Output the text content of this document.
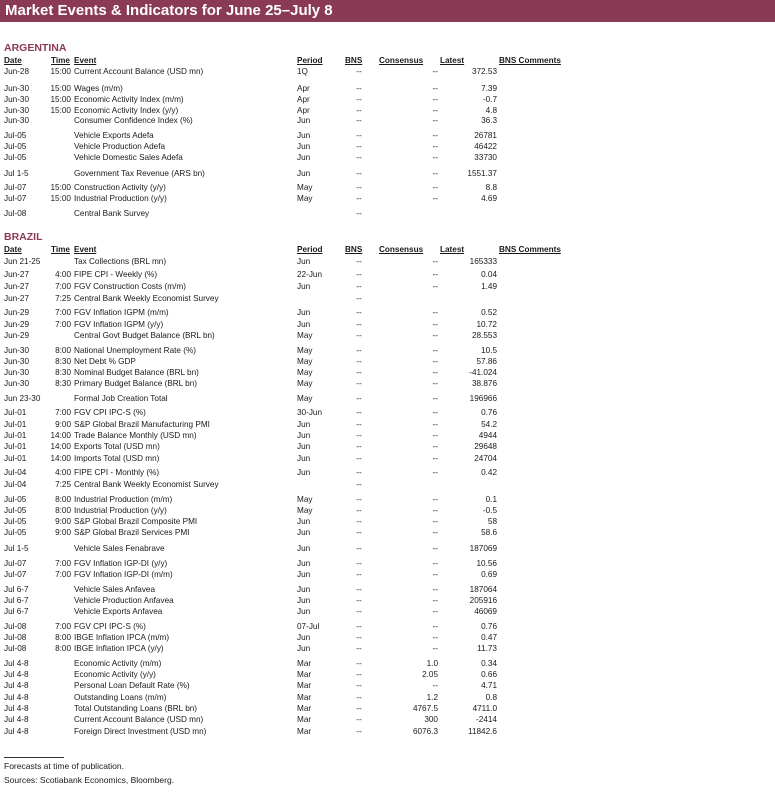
Market Events & Indicators for June 25–July 8
ARGENTINA
Date	Time Event	Period	BNS	Consensus	Latest	BNS Comments
Jun-28	15:00 Current Account Balance (USD mn)	1Q	--	--	372.53
Jun-30	15:00 Wages (m/m)	Apr	--	--	7.39
Jun-30	15:00 Economic Activity Index (m/m)	Apr	--	--	-0.7
Jun-30	15:00 Economic Activity Index (y/y)	Apr	--	--	4.8
Jun-30	Consumer Confidence Index (%)	Jun	--	--	36.3
Jul-05	Vehicle Exports Adefa	Jun	--	--	26781
Jul-05	Vehicle Production Adefa	Jun	--	--	46422
Jul-05	Vehicle Domestic Sales Adefa	Jun	--	--	33730
Jul 1-5	Government Tax Revenue (ARS bn)	Jun	--	--	1551.37
Jul-07	15:00 Construction Activity (y/y)	May	--	--	8.8
Jul-07	15:00 Industrial Production (y/y)	May	--	--	4.69
Jul-08	Central Bank Survey	--
BRAZIL
Date	Time Event	Period	BNS	Consensus	Latest	BNS Comments
Jun 21-25	Tax Collections (BRL mn)	Jun	--	--	165333
Jun-27	4:00 FIPE CPI - Weekly (%)	22-Jun	--	--	0.04
Jun-27	7:00 FGV Construction Costs (m/m)	Jun	--	--	1.49
Jun-27	7:25 Central Bank Weekly Economist Survey	--
Jun-29	7:00 FGV Inflation IGPM (m/m)	Jun	--	--	0.52
Jun-29	7:00 FGV Inflation IGPM (y/y)	Jun	--	--	10.72
Jun-29	Central Govt Budget Balance (BRL bn)	May	--	--	28.553
Jun-30	8:00 National Unemployment Rate (%)	May	--	--	10.5
Jun-30	8:30 Net Debt % GDP	May	--	--	57.86
Jun-30	8:30 Nominal Budget Balance (BRL bn)	May	--	--	-41.024
Jun-30	8:30 Primary Budget Balance (BRL bn)	May	--	--	38.876
Jun 23-30	Formal Job Creation Total	May	--	--	196966
Jul-01	7:00 FGV CPI IPC-S (%)	30-Jun	--	--	0.76
Jul-01	9:00 S&P Global Brazil Manufacturing PMI	Jun	--	--	54.2
Jul-01	14:00 Trade Balance Monthly (USD mn)	Jun	--	--	4944
Jul-01	14:00 Exports Total (USD mn)	Jun	--	--	29648
Jul-01	14:00 Imports Total (USD mn)	Jun	--	--	24704
Jul-04	4:00 FIPE CPI - Monthly (%)	Jun	--	--	0.42
Jul-04	7:25 Central Bank Weekly Economist Survey	--
Jul-05	8:00 Industrial Production (m/m)	May	--	--	0.1
Jul-05	8:00 Industrial Production (y/y)	May	--	--	-0.5
Jul-05	9:00 S&P Global Brazil Composite PMI	Jun	--	--	58
Jul-05	9:00 S&P Global Brazil Services PMI	Jun	--	--	58.6
Jul 1-5	Vehicle Sales Fenabrave	Jun	--	--	187069
Jul-07	7:00 FGV Inflation IGP-DI (y/y)	Jun	--	--	10.56
Jul-07	7:00 FGV Inflation IGP-DI (m/m)	Jun	--	--	0.69
Jul 6-7	Vehicle Sales Anfavea	Jun	--	--	187064
Jul 6-7	Vehicle Production Anfavea	Jun	--	--	205916
Jul 6-7	Vehicle Exports Anfavea	Jun	--	--	46069
Jul-08	7:00 FGV CPI IPC-S (%)	07-Jul	--	--	0.76
Jul-08	8:00 IBGE Inflation IPCA (m/m)	Jun	--	--	0.47
Jul-08	8:00 IBGE Inflation IPCA (y/y)	Jun	--	--	11.73
Jul 4-8	Economic Activity (m/m)	Mar	--	1.0	0.34
Jul 4-8	Economic Activity (y/y)	Mar	--	2.05	0.66
Jul 4-8	Personal Loan Default Rate (%)	Mar	--	--	4.71
Jul 4-8	Outstanding Loans (m/m)	Mar	--	1.2	0.8
Jul 4-8	Total Outstanding Loans (BRL bn)	Mar	--	4767.5	4711.0
Jul 4-8	Current Account Balance (USD mn)	Mar	--	300	-2414
Jul 4-8	Foreign Direct Investment (USD mn)	Mar	--	6076.3	11842.6
Forecasts at time of publication.
Sources: Scotiabank Economics, Bloomberg.
